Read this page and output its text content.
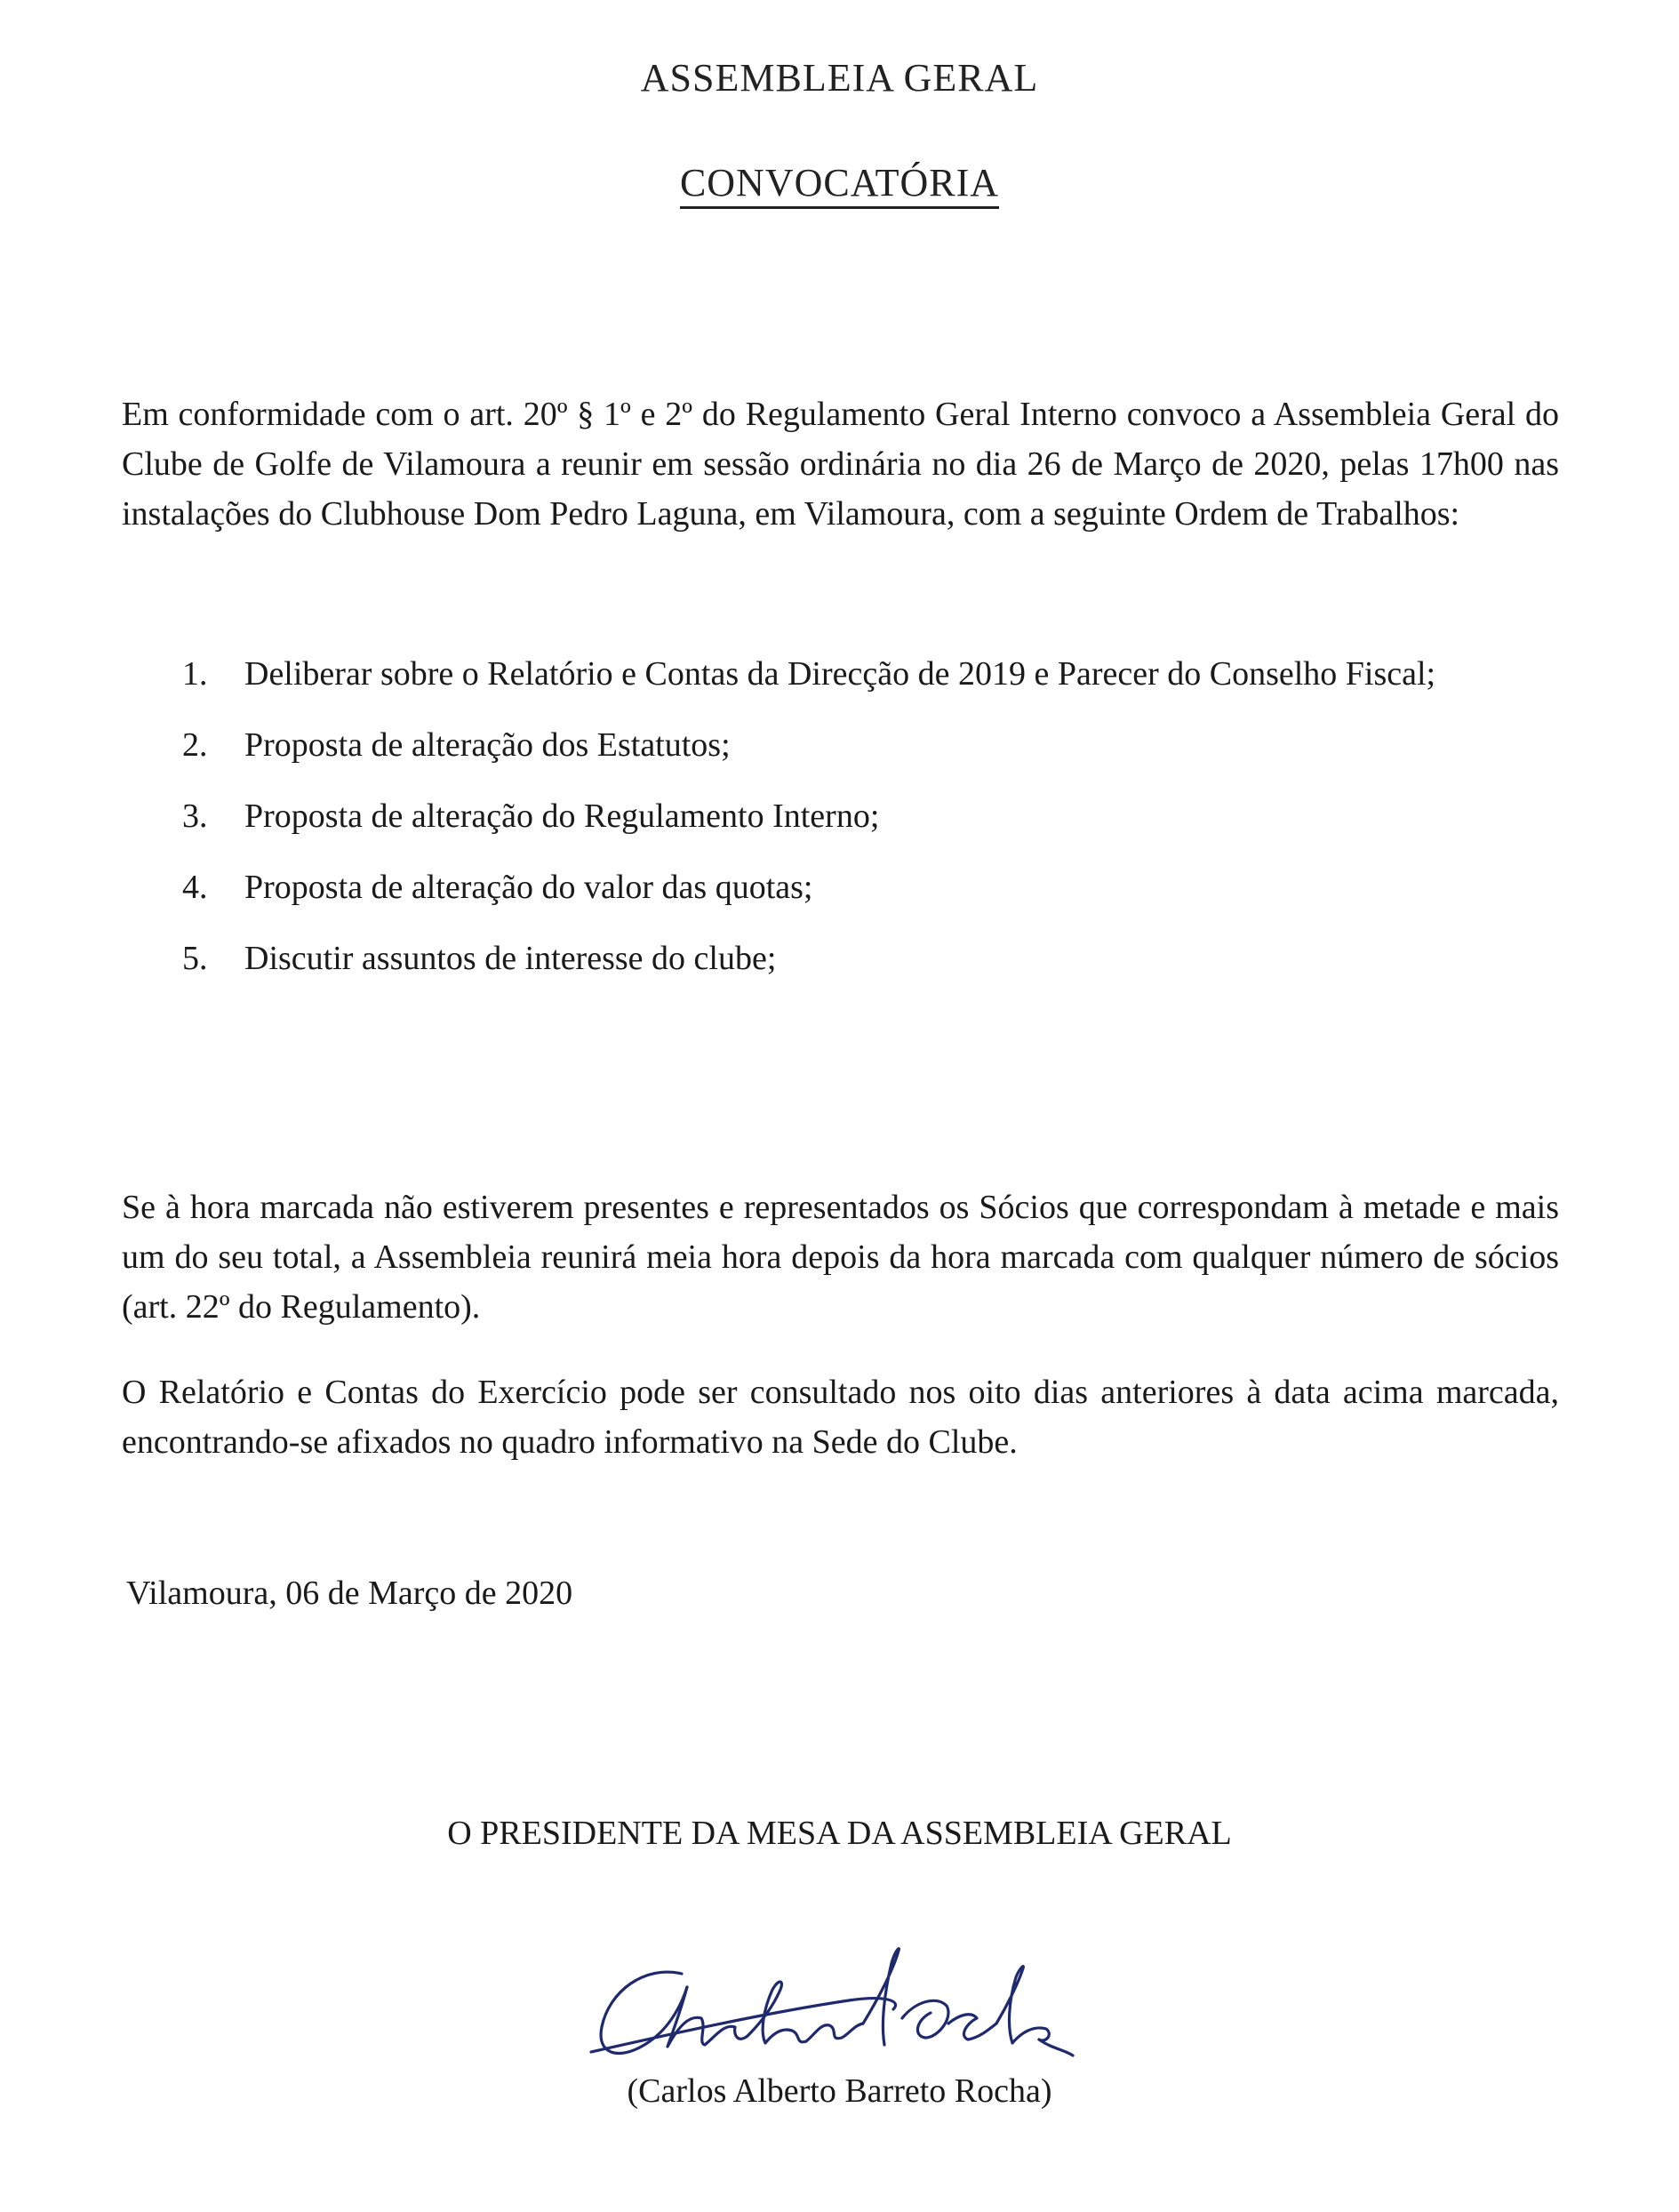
ASSEMBLEIA GERAL
CONVOCATÓRIA

Em conformidade com o art. 20º § 1º e 2º do Regulamento Geral Interno convoco a Assembleia Geral do Clube de Golfe de Vilamoura a reunir em sessão ordinária no dia 26 de Março de 2020, pelas 17h00 nas instalações do Clubhouse Dom Pedro Laguna, em Vilamoura, com a seguinte Ordem de Trabalhos:

1. Deliberar sobre o Relatório e Contas da Direcção de 2019 e Parecer do Conselho Fiscal;
2. Proposta de alteração dos Estatutos;
3. Proposta de alteração do Regulamento Interno;
4. Proposta de alteração do valor das quotas;
5. Discutir assuntos de interesse do clube;

Se à hora marcada não estiverem presentes e representados os Sócios que correspondam à metade e mais um do seu total, a Assembleia reunirá meia hora depois da hora marcada com qualquer número de sócios (art. 22º do Regulamento).

O Relatório e Contas do Exercício pode ser consultado nos oito dias anteriores à data acima marcada, encontrando-se afixados no quadro informativo na Sede do Clube.

Vilamoura, 06 de Março de 2020
O PRESIDENTE DA MESA DA ASSEMBLEIA GERAL
(Carlos Alberto Barreto Rocha)
